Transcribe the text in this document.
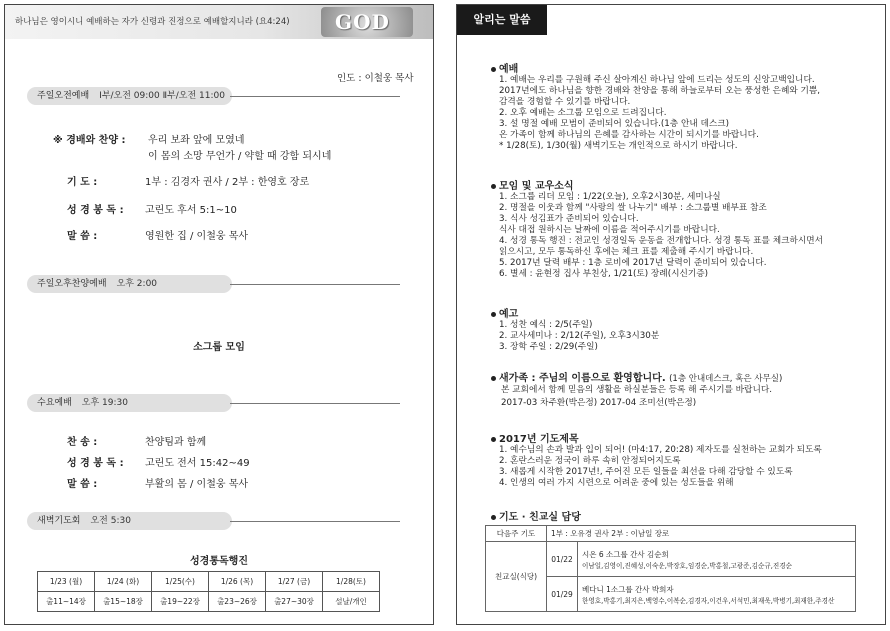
하나님은 영이시니 예배하는 자가 신령과 진정으로 예배할지니라 (요4:24) GOD
인도 : 이철웅 목사
주일오전예배 Ⅰ부/오전 09:00 Ⅱ부/오전 11:00
※ 경배와 찬양 : 우리 보좌 앞에 모였네
이 몸의 소망 무언가 / 약할 때 강함 되시네
기 도 :	1부 : 김경자 권사 / 2부 : 한영호 장로
성 경 봉 독 : 고린도 후서 5:1~10
말 씀 :	영원한 집 / 이철웅 목사
주일오후찬양예배 오후 2:00
소그룹 모임
수요예배 오후 19:30
찬 송 :	찬양팀과 함께
성 경 봉 독 : 고린도 전서 15:42~49
말 씀 :	부활의 몸 / 이철웅 목사
새벽기도회 오전 5:30
성경통독행진
1/23 (월)	1/24 (화)	1/25(수)	1/26 (목)	1/27 (금)	1/28(토)
출11~14장	출15~18장	출19~22장	출23~26장	출27~30장	설날/개인
알리는 말씀
예배
1. 예배는 우리를 구원해 주신 살아계신 하나님 앞에 드리는 성도의 신앙고백입니다.
2017년에도 하나님을 향한 경배와 찬양을 통해 하늘로부터 오는 풍성한 은혜와 기쁨,
감격을 경험할 수 있기를 바랍니다.
2. 오후 예배는 소그룹 모임으로 드려집니다.
3. 설 명절 예배 모범이 준비되어 있습니다.(1층 안내 데스크)
온 가족이 함께 하나님의 은혜를 감사하는 시간이 되시기를 바랍니다.
* 1/28(토), 1/30(월) 새벽기도는 개인적으로 하시기 바랍니다.
모임 및 교우소식
1. 소그룹 리더 모임 : 1/22(오늘), 오후2시30분, 세미나실
2. 명절을 이웃과 함께 "사랑의 쌀 나누기" 배부 : 소그룹별 배부표 참조
3. 식사 성김표가 준비되어 있습니다.
식사 대접 원하시는 날짜에 이름을 적어주시기를 바랍니다.
4. 성경 통독 행진 : 전교인 성경일독 운동을 전개합니다. 성경 통독 표를 체크하시면서
읽으시고, 모두 통독하신 후에는 체크 표를 제출해 주시기 바랍니다.
5. 2017년 달력 배부 : 1층 로비에 2017년 달력이 준비되어 있습니다.
6. 별세 : 윤현정 집사 부친상, 1/21(토) 장례(시신기증)
예고
1. 성찬 예식 : 2/5(주일)
2. 교사세미나 : 2/12(주일), 오후3시30분
3. 장학 주일 : 2/29(주일)
새가족 : 주님의 이름으로 환영합니다. (1층 안내데스크, 혹은 사무실)
본 교회에서 함께 믿음의 생활을 하실분들은 등록 해 주시기를 바랍니다.
2017-03 차주환(박은정) 2017-04 조미선(박은정)
2017년 기도제목
1. 예수님의 손과 발과 입이 되어! (마4:17, 20:28) 제자도를 실천하는 교회가 되도록
2. 혼란스러운 정국이 하루 속히 안정되어지도록
3. 새롭게 시작한 2017년!, 주어진 모든 일들을 최선을 다해 감당할 수 있도록
4. 인생의 여러 가지 시련으로 어려운 중에 있는 성도들을 위해
기도 · 친교실 담당
다음주 기도	1부 : 오유경 권사 2부 : 이남일 장로	
친교실(식당)	01/22	시온 6 소그룹 간사 김순희
이남일,김영이,진혜성,이숙운,박장호,임경순,박홍철,고광준,김순규,진경순

	01/29	베다니 1소그룹 간사 박희자
한영호,박홍기,최지은,백영수,이복순,김경자,이건우,서석민,최재욱,박병기,최재한,주경산
